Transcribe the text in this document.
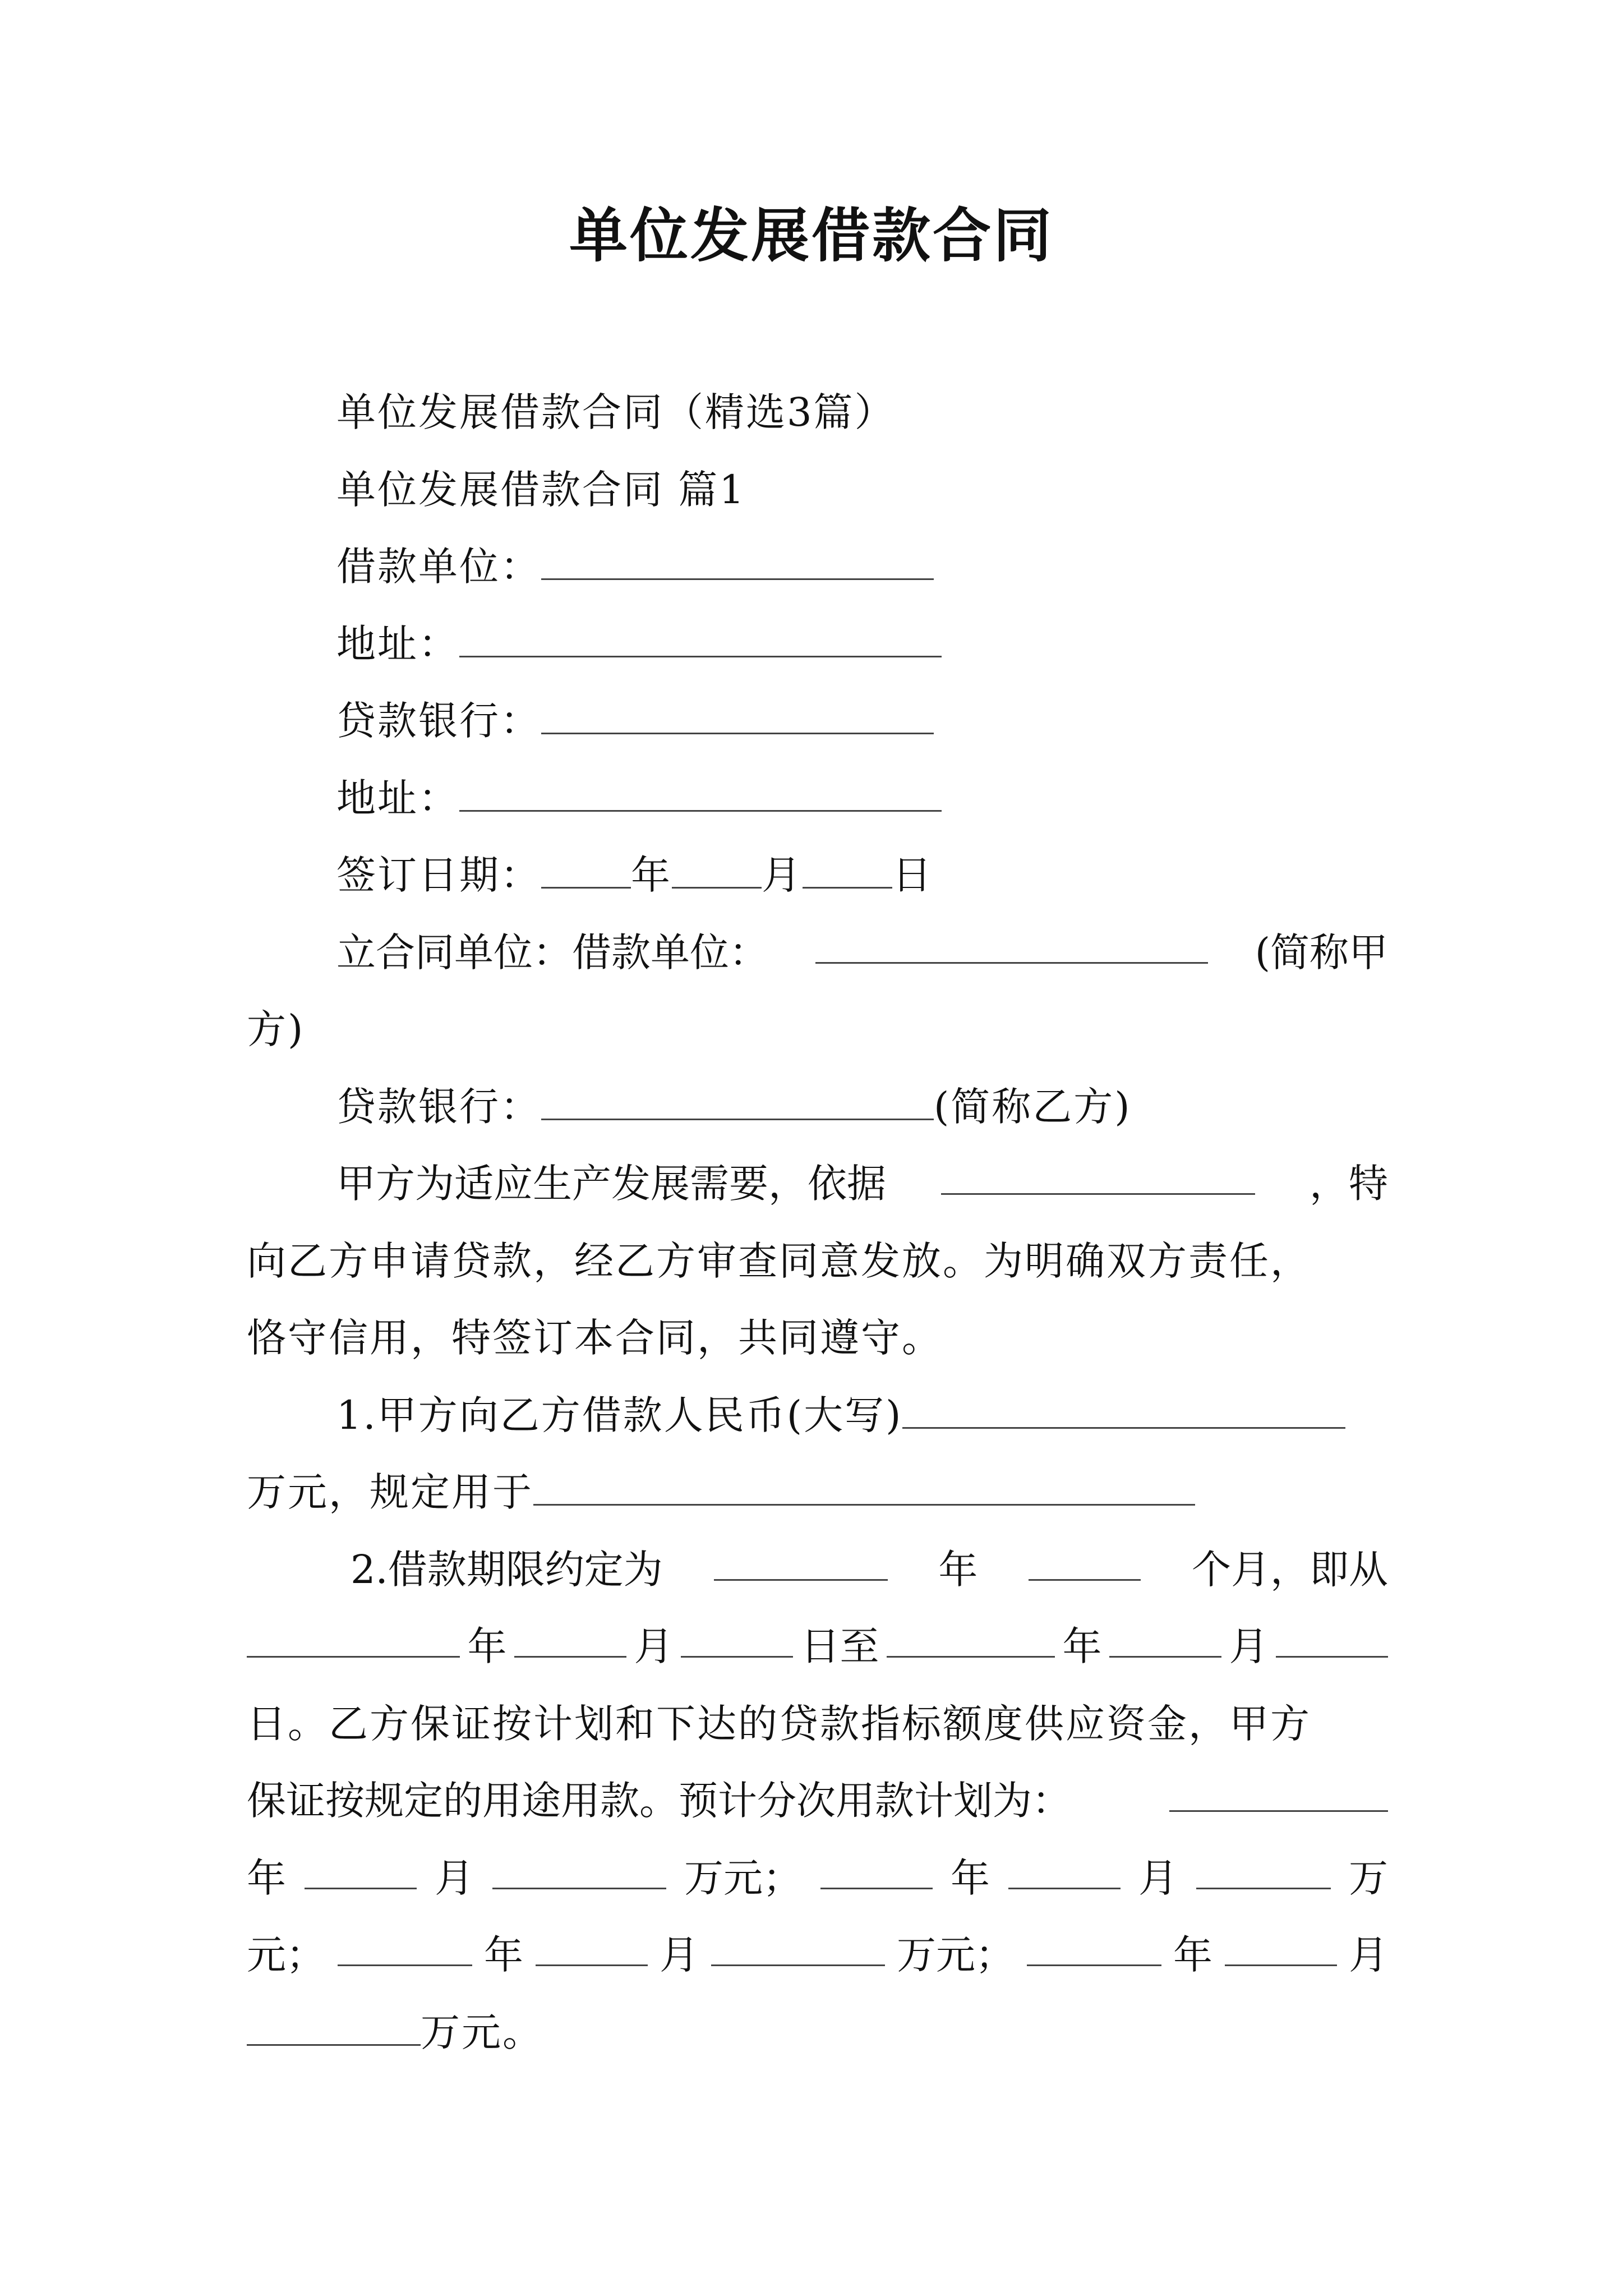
单位发展借款合同
单位发展借款合同（精选3篇）
单位发展借款合同 篇1
借款单位：
地址：
贷款银行：
地址：
签订日期： 年 月 日
立合同单位：借款单位：	(简称甲
方)
贷款银行：	(简称乙方)
甲方为适应生产发展需要，依据	，特
向乙方申请贷款，经乙方审查同意发放。为明确双方责任，
恪守信用，特签订本合同，共同遵守。
1.甲方向乙方借款人民币(大写)
万元，规定用于
2.借款期限约定为	年	个月，即从
年	月	日至	年	月
日。乙方保证按计划和下达的贷款指标额度供应资金，甲方
保证按规定的用途用款。预计分次用款计划为：
年	月	万元；	年	月	万
元；	年	月	万元；	年	月
万元。
